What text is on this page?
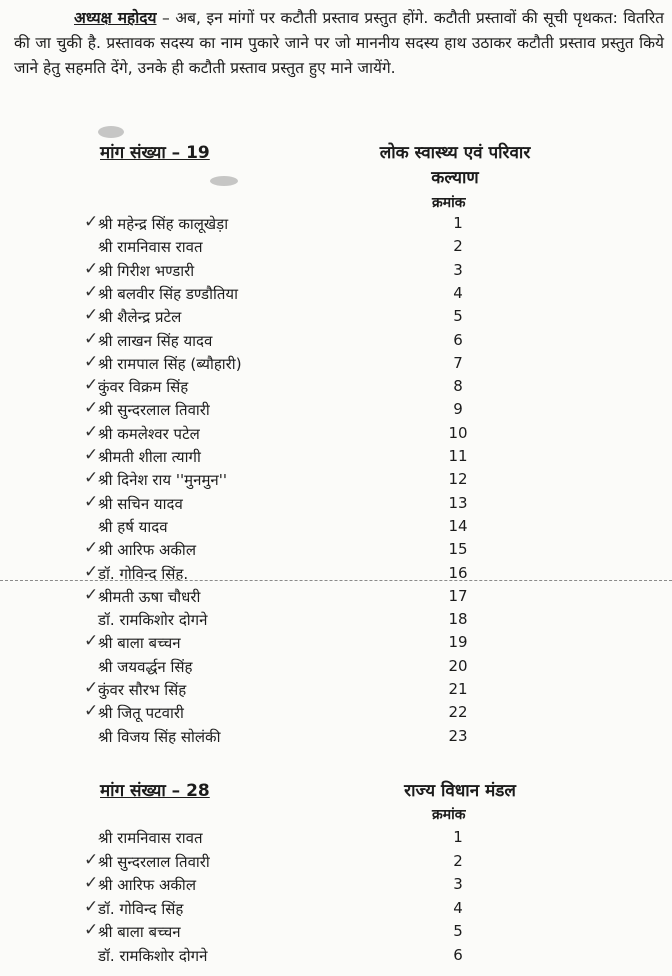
अध्यक्ष महोदय – अब, इन मांगों पर कटौती प्रस्ताव प्रस्तुत होंगे. कटौती प्रस्तावों की सूची पृथकत: वितरित की जा चुकी है. प्रस्तावक सदस्य का नाम पुकारे जाने पर जो माननीय सदस्य हाथ उठाकर कटौती प्रस्ताव प्रस्तुत किये जाने हेतु सहमति देंगे, उनके ही कटौती प्रस्ताव प्रस्तुत हुए माने जायेंगे.
मांग संख्या – 19	लोक स्वास्थ्य एवं परिवार
कल्याण
क्रमांक
✓ श्री महेन्द्र सिंह कालूखेड़ा	1
श्री रामनिवास रावत	2
✓ श्री गिरीश भण्डारी	3
✓ श्री बलवीर सिंह डण्डौतिया	4
✓ श्री शैलेन्द्र प्रटेल	5
✓ श्री लाखन सिंह यादव	6
✓ श्री रामपाल सिंह (ब्यौहारी)	7
✓ कुंवर विक्रम सिंह	8
✓ श्री सुन्दरलाल तिवारी	9
✓ श्री कमलेश्वर पटेल	10
✓ श्रीमती शीला त्यागी	11
✓ श्री दिनेश राय ''मुनमुन''	12
✓ श्री सचिन यादव	13
श्री हर्ष यादव	14
✓ श्री आरिफ अकील	15
✓ डॉ. गोविन्द सिंह.	16
✓ श्रीमती ऊषा चौधरी	17
डॉ. रामकिशोर दोगने	18
✓ श्री बाला बच्चन	19
श्री जयवर्द्धन सिंह	20
✓ कुंवर सौरभ सिंह	21
✓ श्री जितू पटवारी	22
श्री विजय सिंह सोलंकी	23
मांग संख्या – 28	राज्य विधान मंडल
क्रमांक
श्री रामनिवास रावत	1
✓ श्री सुन्दरलाल तिवारी	2
✓ श्री आरिफ अकील	3
✓ डॉ. गोविन्द सिंह	4
✓ श्री बाला बच्चन	5
डॉ. रामकिशोर दोगने	6
